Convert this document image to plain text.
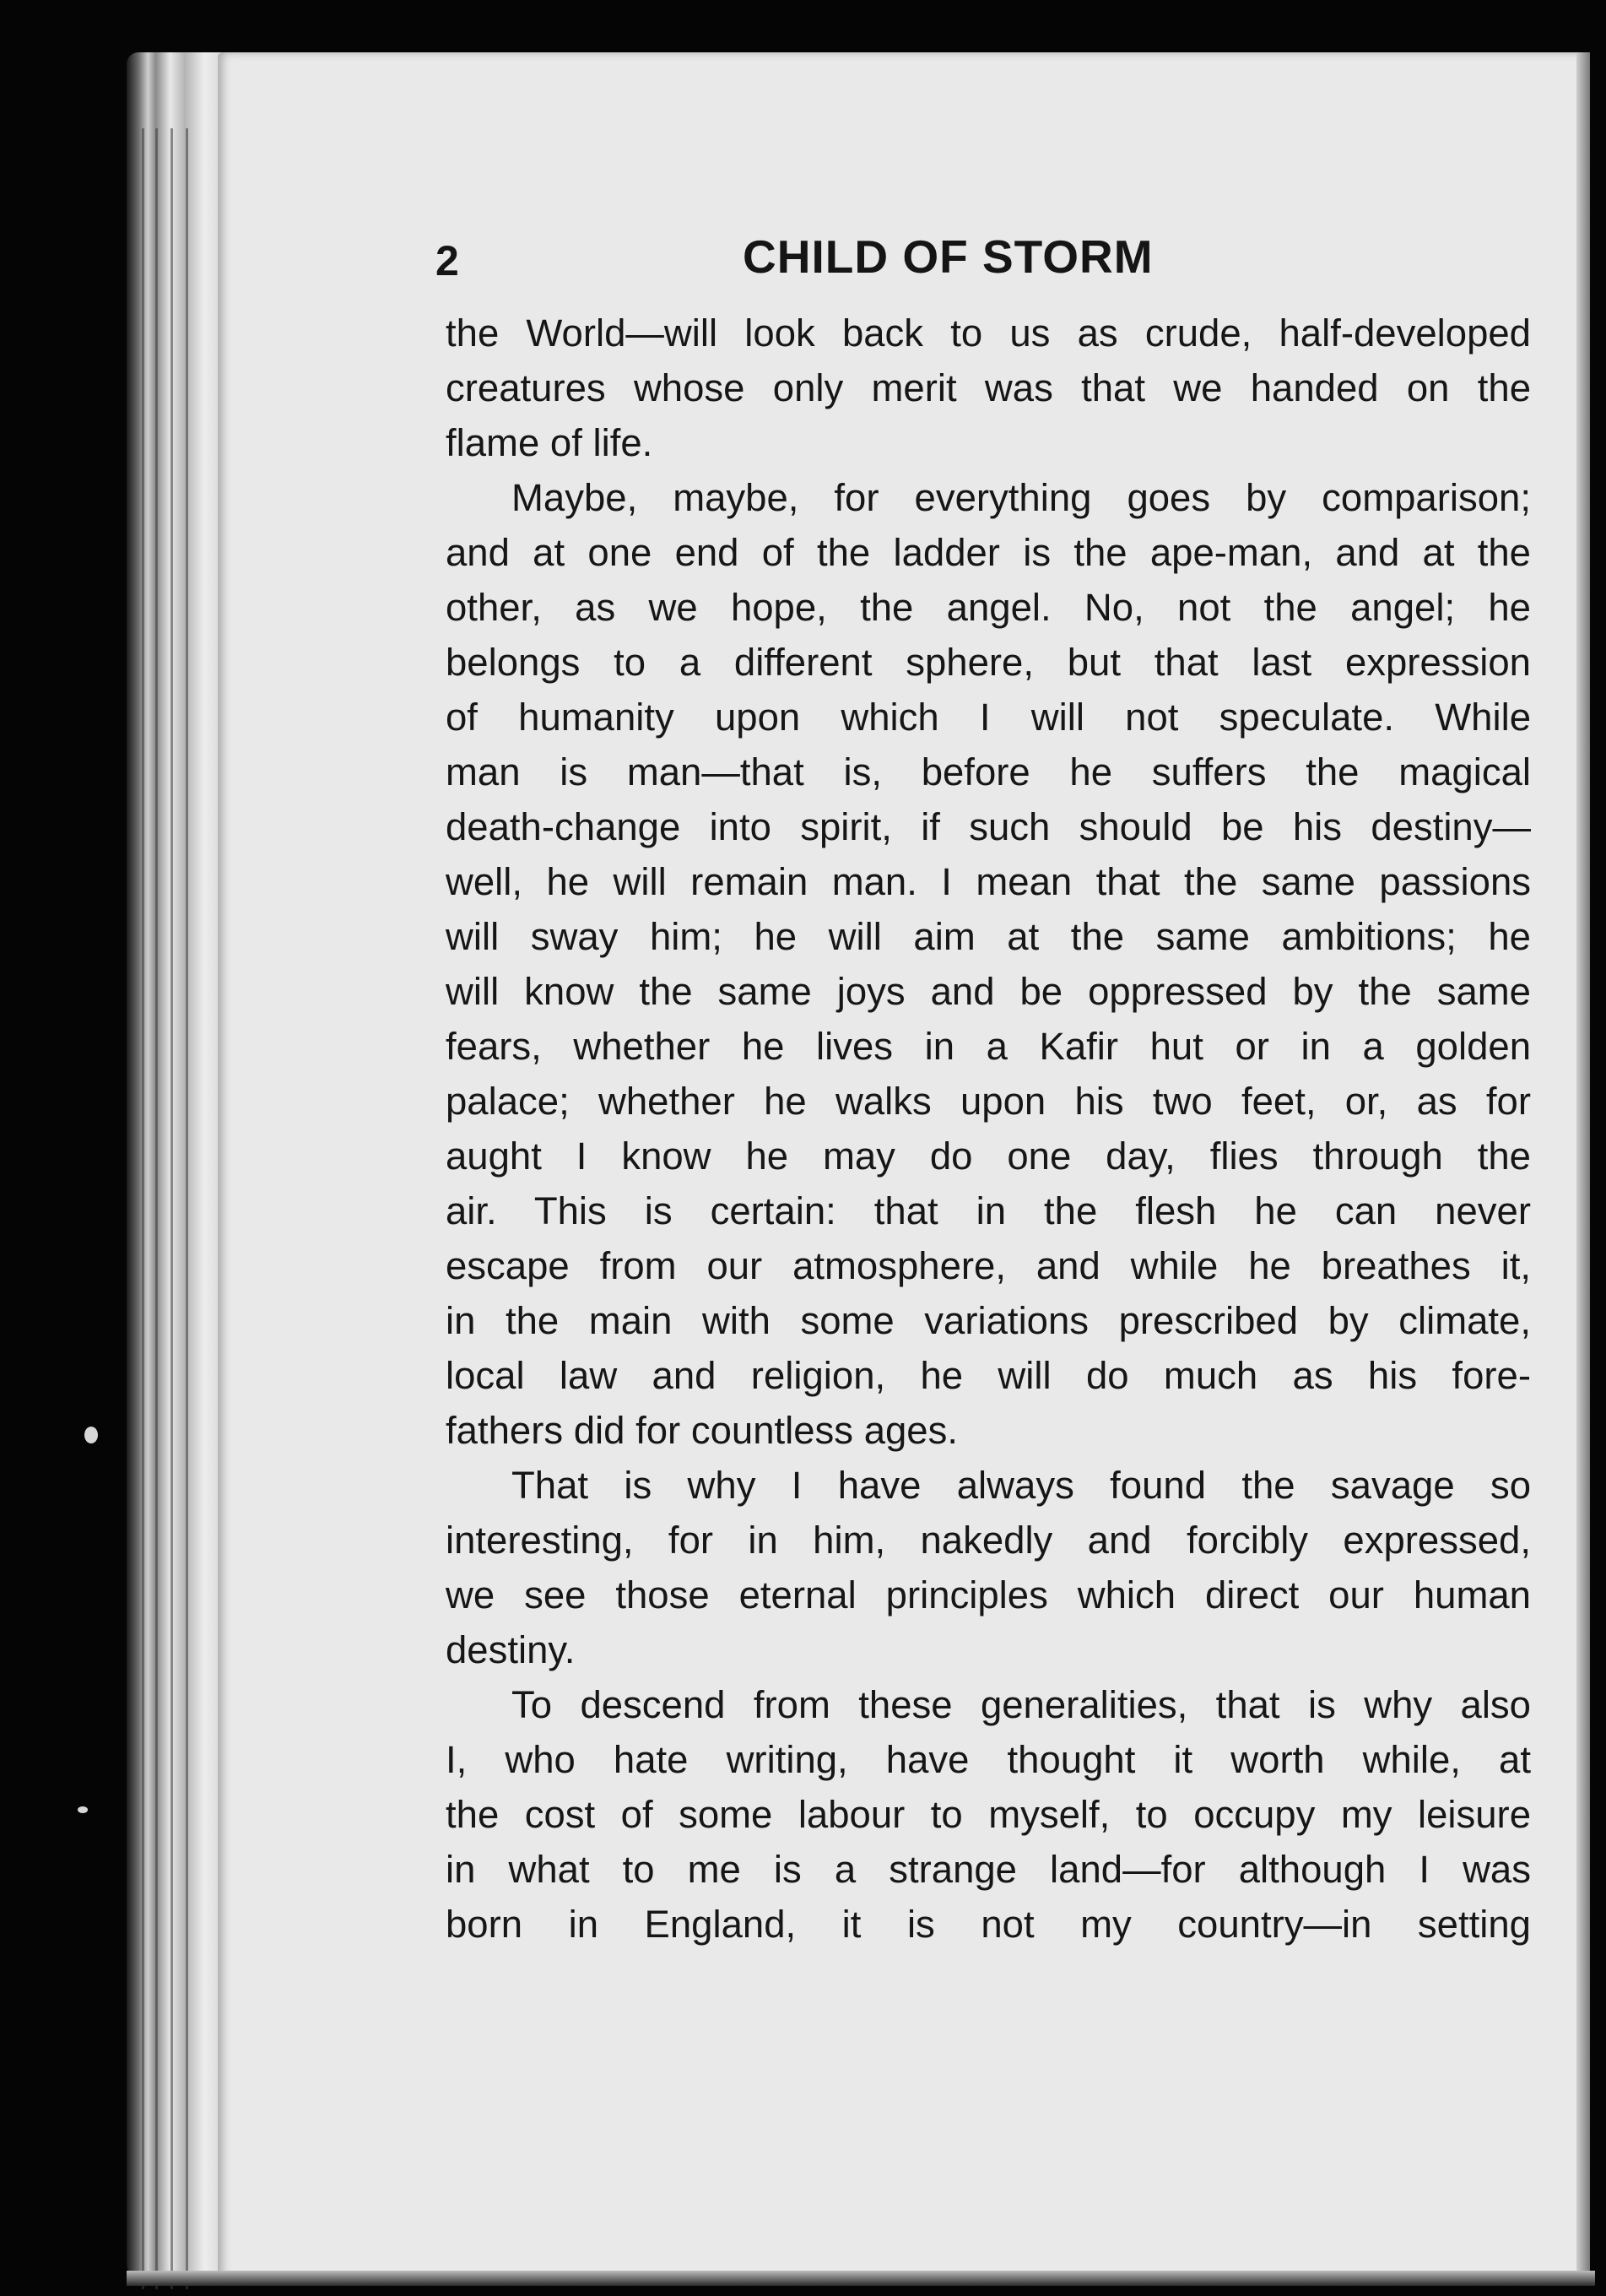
2	CHILD OF STORM
the World—will look back to us as crude, half-developed
creatures whose only merit was that we handed on the
flame of life.
Maybe, maybe, for everything goes by comparison;
and at one end of the ladder is the ape-man, and at the
other, as we hope, the angel. No, not the angel; he
belongs to a different sphere, but that last expression
of humanity upon which I will not speculate. While
man is man—that is, before he suffers the magical
death-change into spirit, if such should be his destiny—
well, he will remain man. I mean that the same passions
will sway him; he will aim at the same ambitions; he
will know the same joys and be oppressed by the same
fears, whether he lives in a Kafir hut or in a golden
palace; whether he walks upon his two feet, or, as for
aught I know he may do one day, flies through the
air. This is certain: that in the flesh he can never
escape from our atmosphere, and while he breathes it,
in the main with some variations prescribed by climate,
local law and religion, he will do much as his fore-
fathers did for countless ages.
That is why I have always found the savage so
interesting, for in him, nakedly and forcibly expressed,
we see those eternal principles which direct our human
destiny.
To descend from these generalities, that is why also
I, who hate writing, have thought it worth while, at
the cost of some labour to myself, to occupy my leisure
in what to me is a strange land—for although I was
born in England, it is not my country—in setting
